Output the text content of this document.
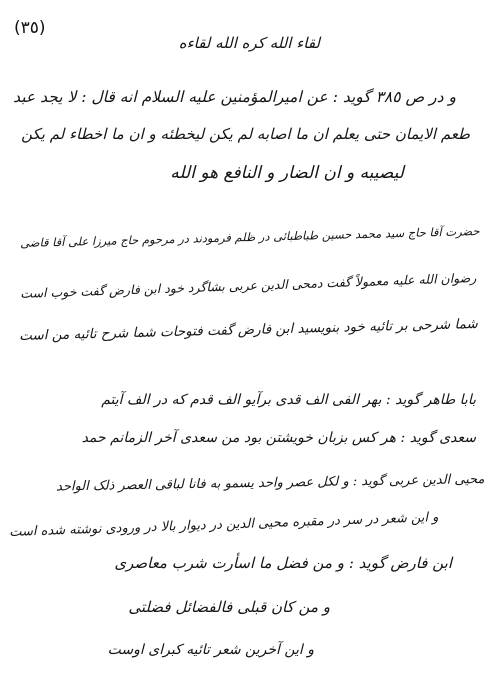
(٣٥)
لقاء الله کره الله لقاءه
و در ص ٣٨٥ گوید : عن امیرالمؤمنین علیه السلام انه قال : لا یجد عبد
طعم الایمان حتی یعلم ان ما اصابه لم یکن لیخطئه و ان ما اخطاء لم یکن
لیصیبه و ان الضار و النافع هو الله
حضرت آقا حاج سید محمد حسین طباطبائی در ظلم فرمودند در مرحوم حاج میرزا علی آقا قاضی
رضوان الله علیه معمولاً گفت دمحی الدین عربی بشاگرد خود ابن فارض گفت خوب است
شما شرحی بر تائیه خود بنویسید ابن فارض گفت فتوحات شما شرح تائیه من است
بابا طاهر گوید : بهر الفی الف قدی برآیو الف قدم که در الف آیتم
سعدی گوید : هر کس بزبان خویشتن بود من سعدی آخر الزمانم حمد
محیی الدین عربی گوید : و لکل عصر واحد یسمو به فانا لباقی العصر ذلک الواحد
و این شعر در سر در مقبره محیی الدین در دیوار بالا در ورودی نوشته شده است
ابن فارض گوید : و من فضل ما اسأرت شرب معاصری
و من کان قبلی فالفضائل فضلتی
و این آخرین شعر تائیه کبرای اوست
